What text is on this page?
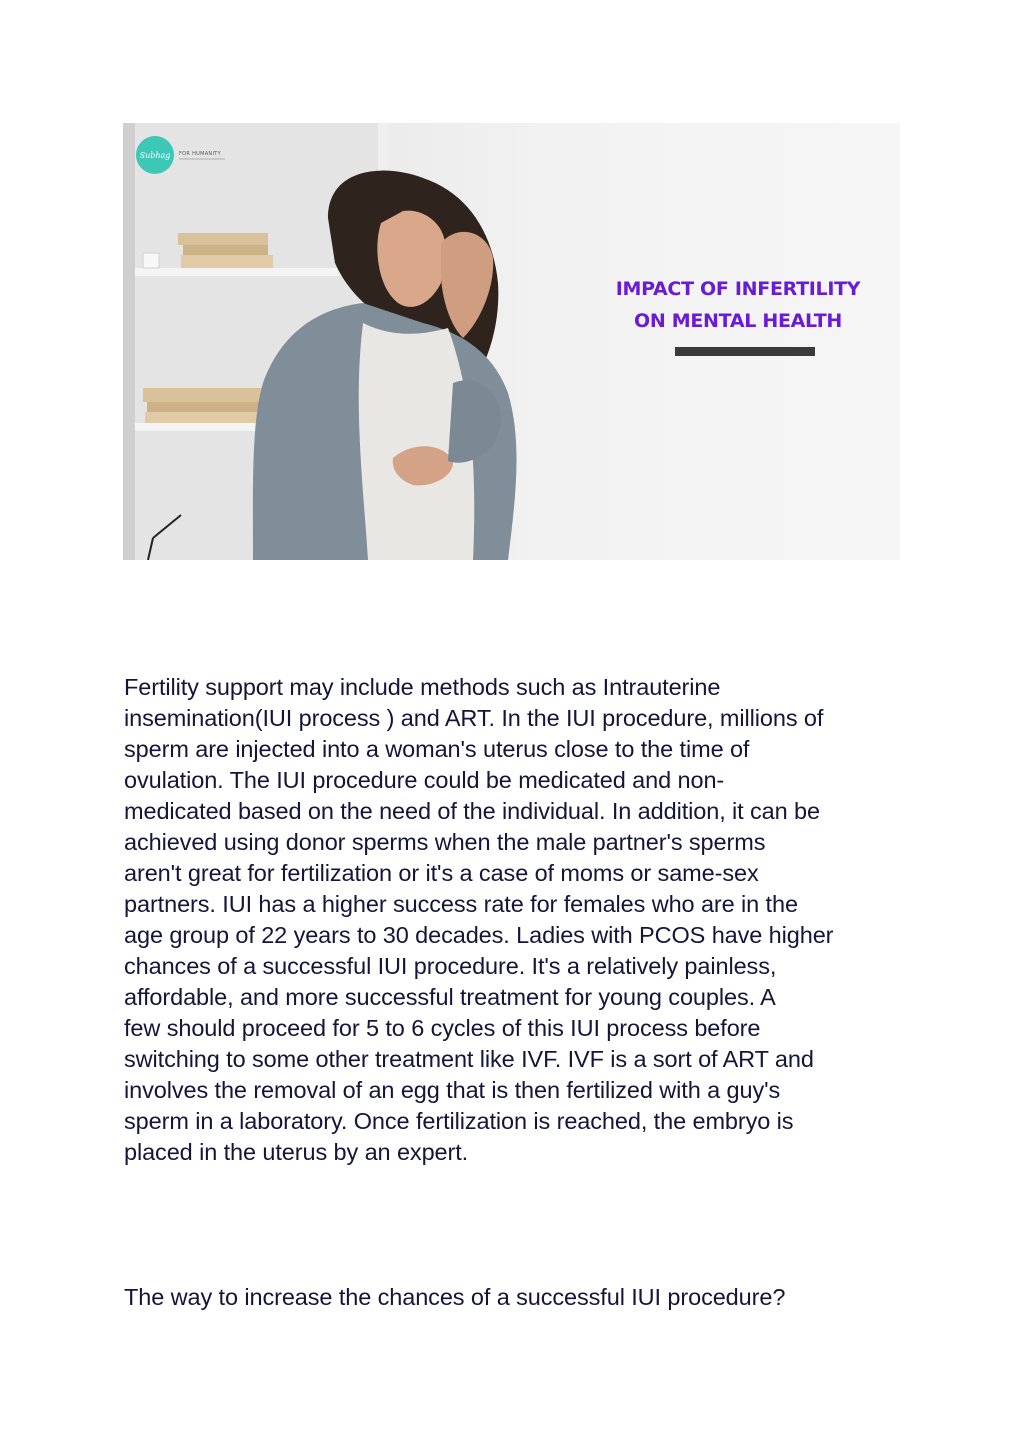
Subhag FOR HUMANITY
IMPACT OF INFERTILITY
ON MENTAL HEALTH

Fertility support may include methods such as Intrauterine
insemination(IUI process ) and ART. In the IUI procedure, millions of
sperm are injected into a woman's uterus close to the time of
ovulation. The IUI procedure could be medicated and non-
medicated based on the need of the individual. In addition, it can be
achieved using donor sperms when the male partner's sperms
aren't great for fertilization or it's a case of moms or same-sex
partners. IUI has a higher success rate for females who are in the
age group of 22 years to 30 decades. Ladies with PCOS have higher
chances of a successful IUI procedure. It's a relatively painless,
affordable, and more successful treatment for young couples. A
few should proceed for 5 to 6 cycles of this IUI process before
switching to some other treatment like IVF. IVF is a sort of ART and
involves the removal of an egg that is then fertilized with a guy's
sperm in a laboratory. Once fertilization is reached, the embryo is
placed in the uterus by an expert.

The way to increase the chances of a successful IUI procedure?
